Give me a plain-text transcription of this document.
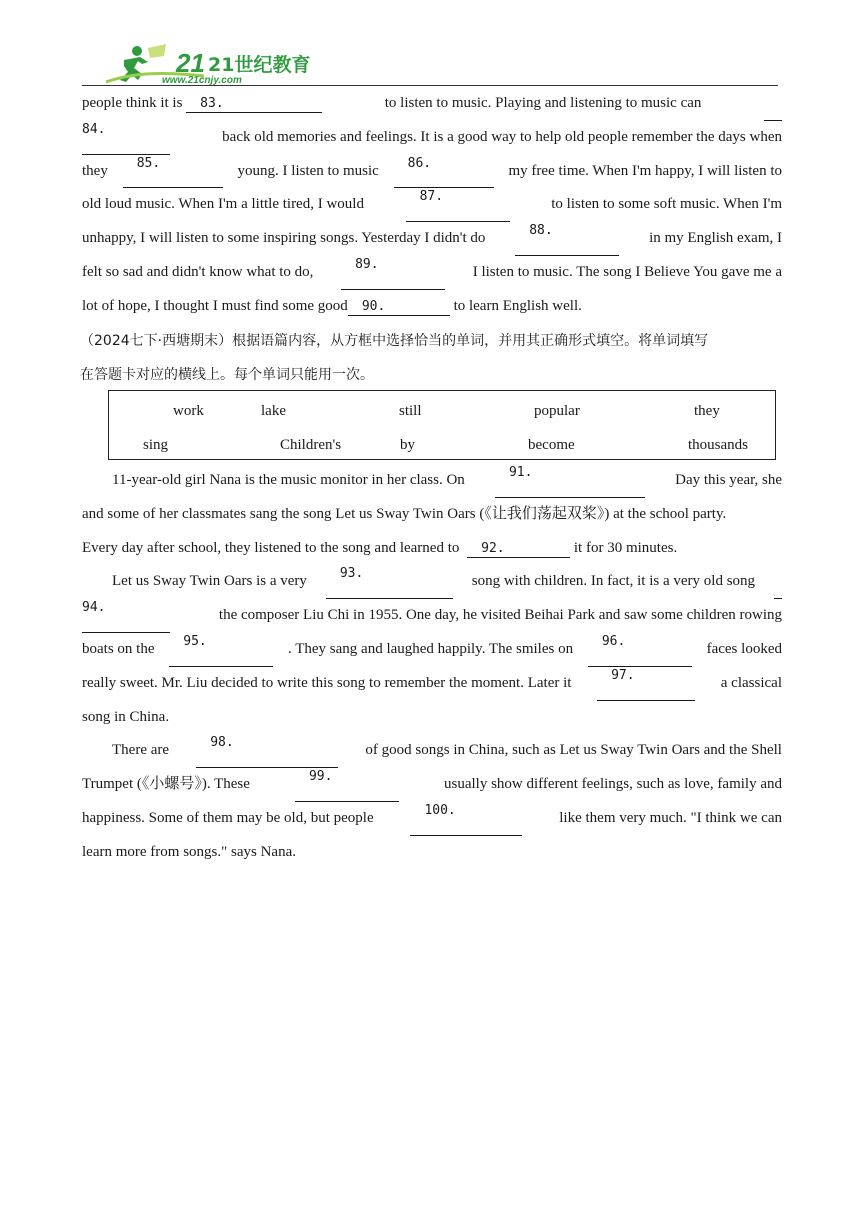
21 21世纪教育
www.21cnjy.com
people think it is 83.	to listen to music. Playing and listening to music can
84.	back old memories and feelings. It is a good way to help old people remember the days when
they	85.	young. I listen to music	86.	my free time. When I'm happy, I will listen to
old loud music. When I'm a little tired, I would	87.	to listen to some soft music. When I'm
unhappy, I will listen to some inspiring songs. Yesterday I didn't do	88.	in my English exam, I
felt so sad and didn't know what to do,	89.	I listen to music. The song I Believe You gave me a
lot of hope, I thought I must find some good 90.	to learn English well.
（2024七下·西塘期末）根据语篇内容，从方框中选择恰当的单词，并用其正确形式填空。将单词填写
在答题卡对应的横线上。每个单词只能用一次。
work	lake	still	popular	they
sing	Children's	by	become	thousands
11-year-old girl Nana is the music monitor in her class. On	91.	Day this year, she
and some of her classmates sang the song Let us Sway Twin Oars (《让我们荡起双桨》) at the school party.
Every day after school, they listened to the song and learned to 92.	it for 30 minutes.
Let us Sway Twin Oars is a very	93.	song with children. In fact, it is a very old song
94.	the composer Liu Chi in 1955. One day, he visited Beihai Park and saw some children rowing
boats on the	95.	. They sang and laughed happily. The smiles on	96.	faces looked
really sweet. Mr. Liu decided to write this song to remember the moment. Later it	97.	a classical
song in China.
There are	98.	of good songs in China, such as Let us Sway Twin Oars and the Shell
Trumpet (《小螺号》). These	99.	usually show different feelings, such as love, family and
happiness. Some of them may be old, but people	100.	like them very much. "I think we can
learn more from songs." says Nana.
